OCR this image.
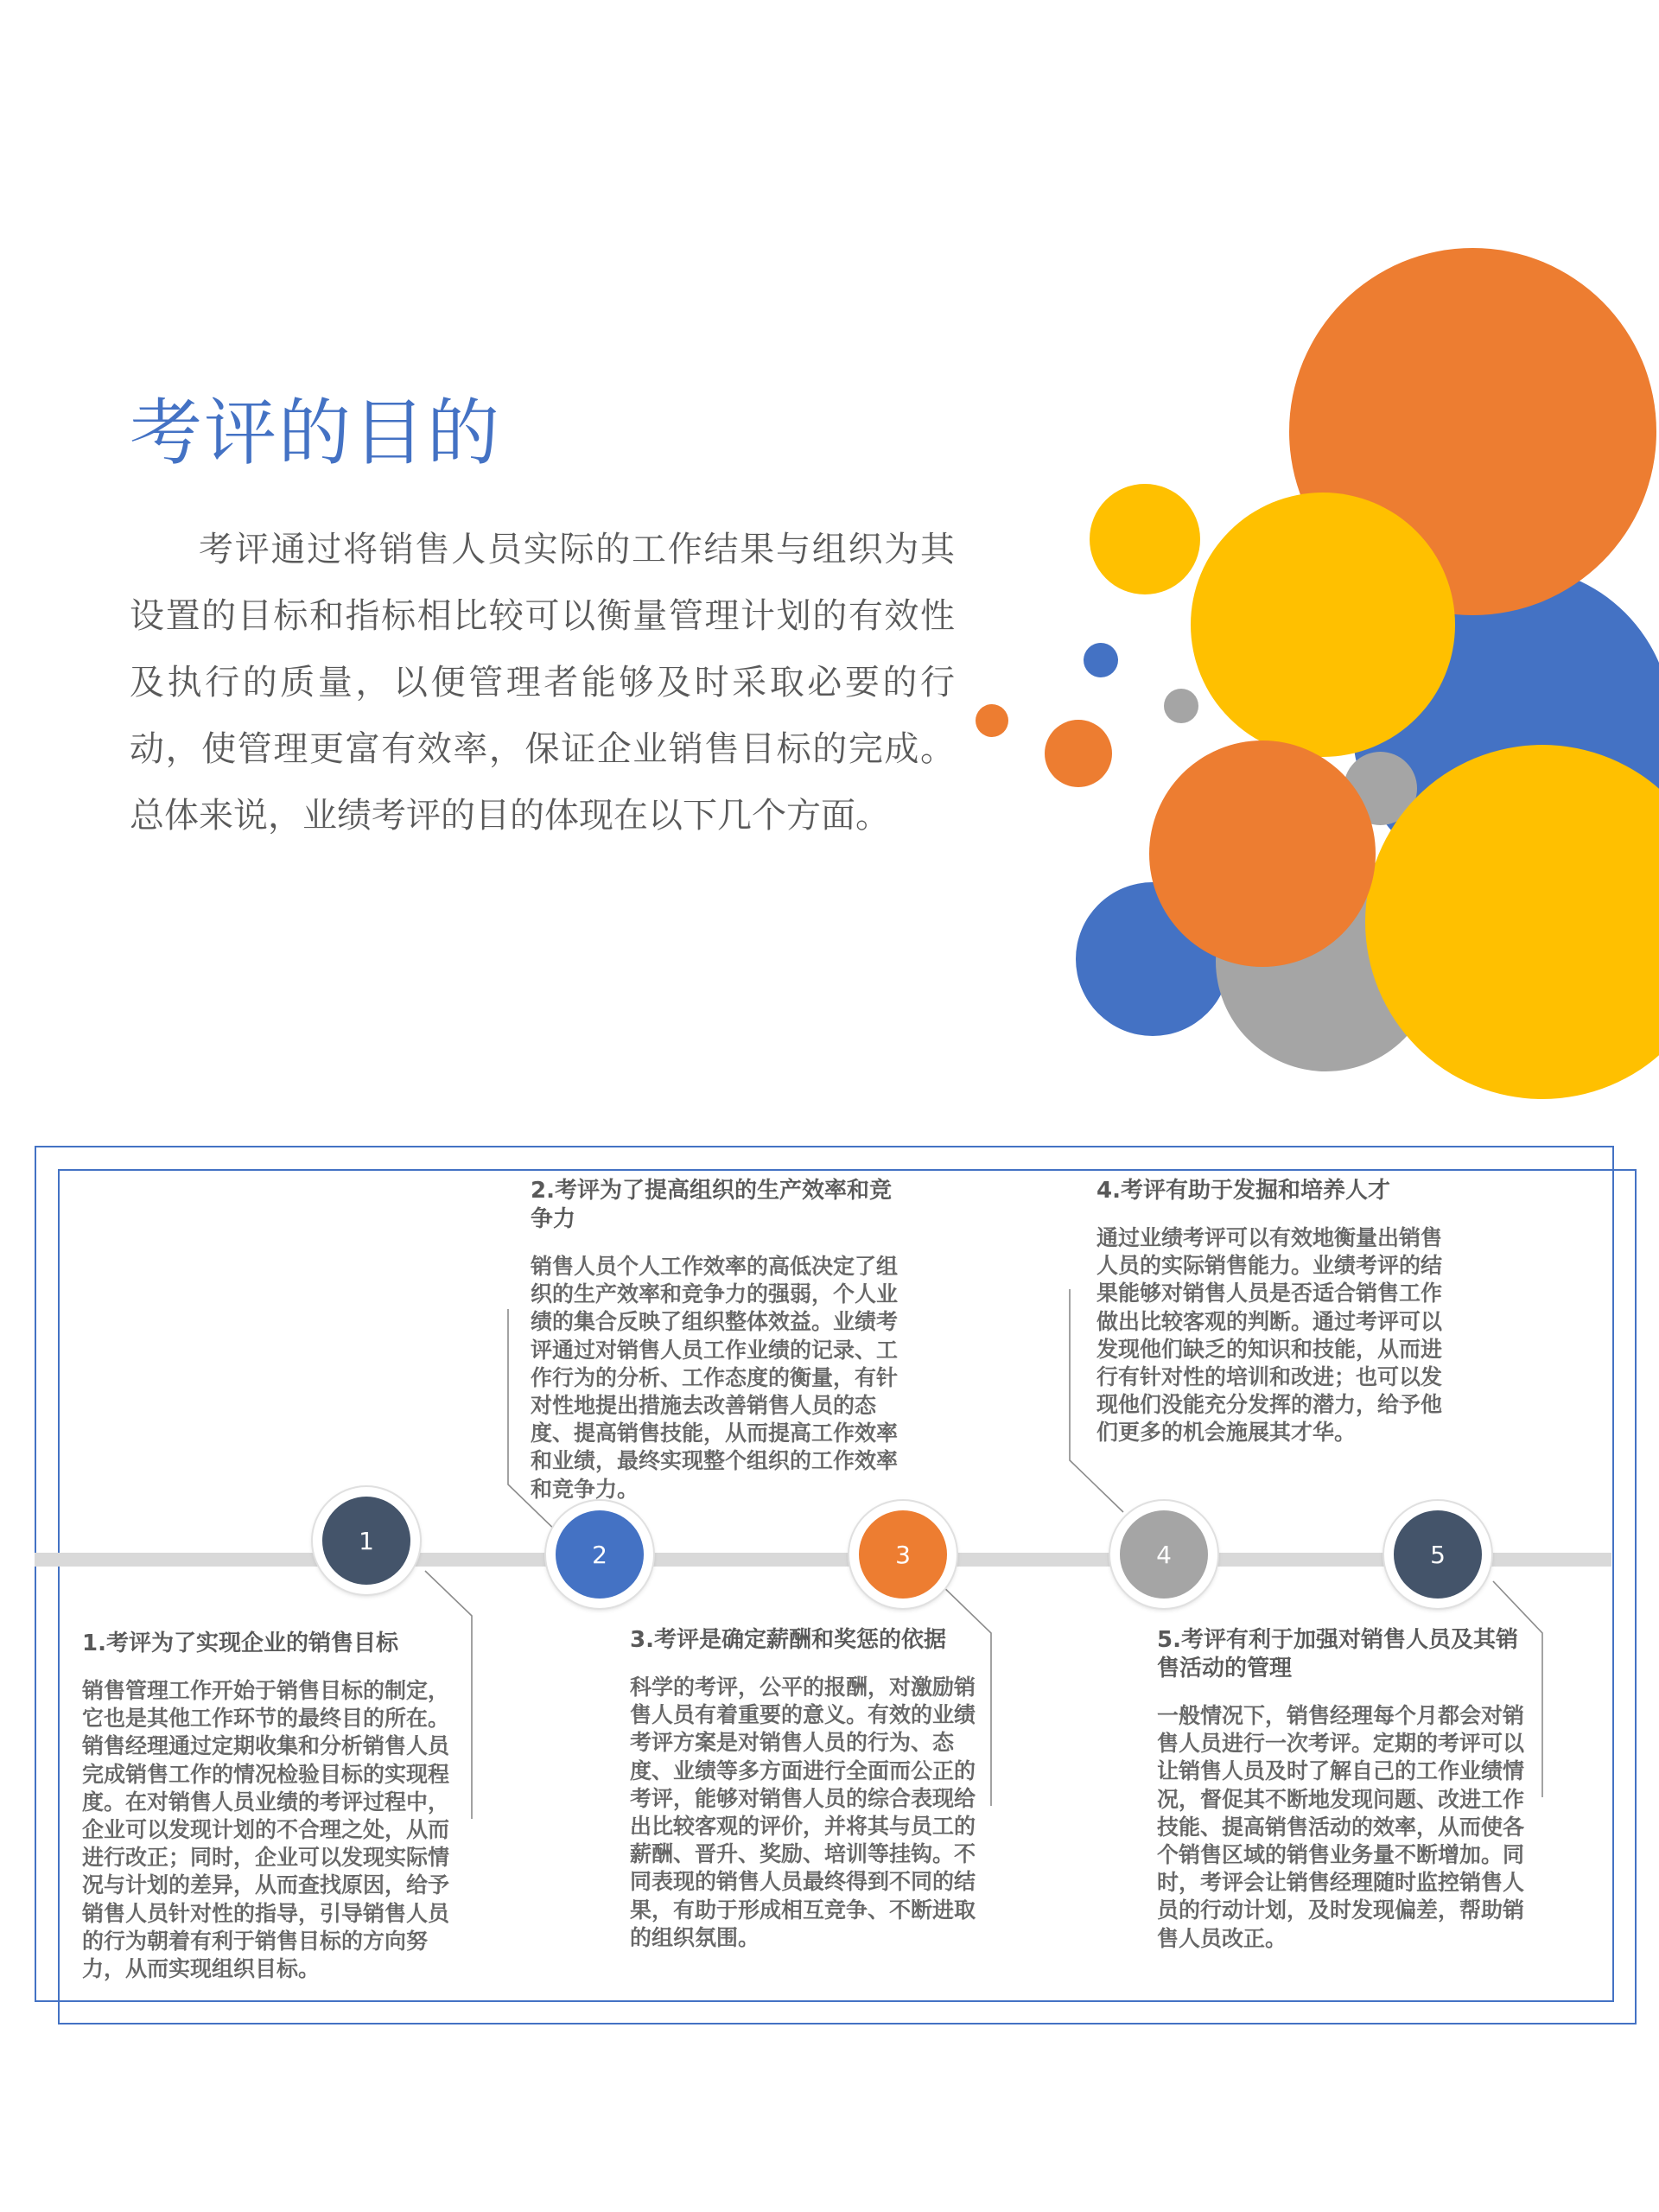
考评的目的

考评通过将销售人员实际的工作结果与组织为其设置的目标和指标相比较可以衡量管理计划的有效性及执行的质量，以便管理者能够及时采取必要的行动，使管理更富有效率，保证企业销售目标的完成。总体来说，业绩考评的目的体现在以下几个方面。

1	2	3	4	5
1.考评为了实现企业的销售目标

销售管理工作开始于销售目标的制定，它也是其他工作环节的最终目的所在。销售经理通过定期收集和分析销售人员完成销售工作的情况检验目标的实现程度。在对销售人员业绩的考评过程中，企业可以发现计划的不合理之处，从而进行改正；同时，企业可以发现实际情况与计划的差异，从而查找原因，给予销售人员针对性的指导，引导销售人员的行为朝着有利于销售目标的方向努力，从而实现组织目标。

2.考评为了提高组织的生产效率和竞争力

销售人员个人工作效率的高低决定了组织的生产效率和竞争力的强弱，个人业绩的集合反映了组织整体效益。业绩考评通过对销售人员工作业绩的记录、工作行为的分析、工作态度的衡量，有针对性地提出措施去改善销售人员的态度、提高销售技能，从而提高工作效率和业绩，最终实现整个组织的工作效率和竞争力。

3.考评是确定薪酬和奖惩的依据

科学的考评，公平的报酬，对激励销售人员有着重要的意义。有效的业绩考评方案是对销售人员的行为、态度、业绩等多方面进行全面而公正的考评，能够对销售人员的综合表现给出比较客观的评价，并将其与员工的薪酬、晋升、奖励、培训等挂钩。不同表现的销售人员最终得到不同的结果，有助于形成相互竞争、不断进取的组织氛围。

4.考评有助于发掘和培养人才

通过业绩考评可以有效地衡量出销售人员的实际销售能力。业绩考评的结果能够对销售人员是否适合销售工作做出比较客观的判断。通过考评可以发现他们缺乏的知识和技能，从而进行有针对性的培训和改进；也可以发现他们没能充分发挥的潜力，给予他们更多的机会施展其才华。

5.考评有利于加强对销售人员及其销售活动的管理

一般情况下，销售经理每个月都会对销售人员进行一次考评。定期的考评可以让销售人员及时了解自己的工作业绩情况，督促其不断地发现问题、改进工作技能、提高销售活动的效率，从而使各个销售区域的销售业务量不断增加。同时，考评会让销售经理随时监控销售人员的行动计划，及时发现偏差，帮助销售人员改正。
